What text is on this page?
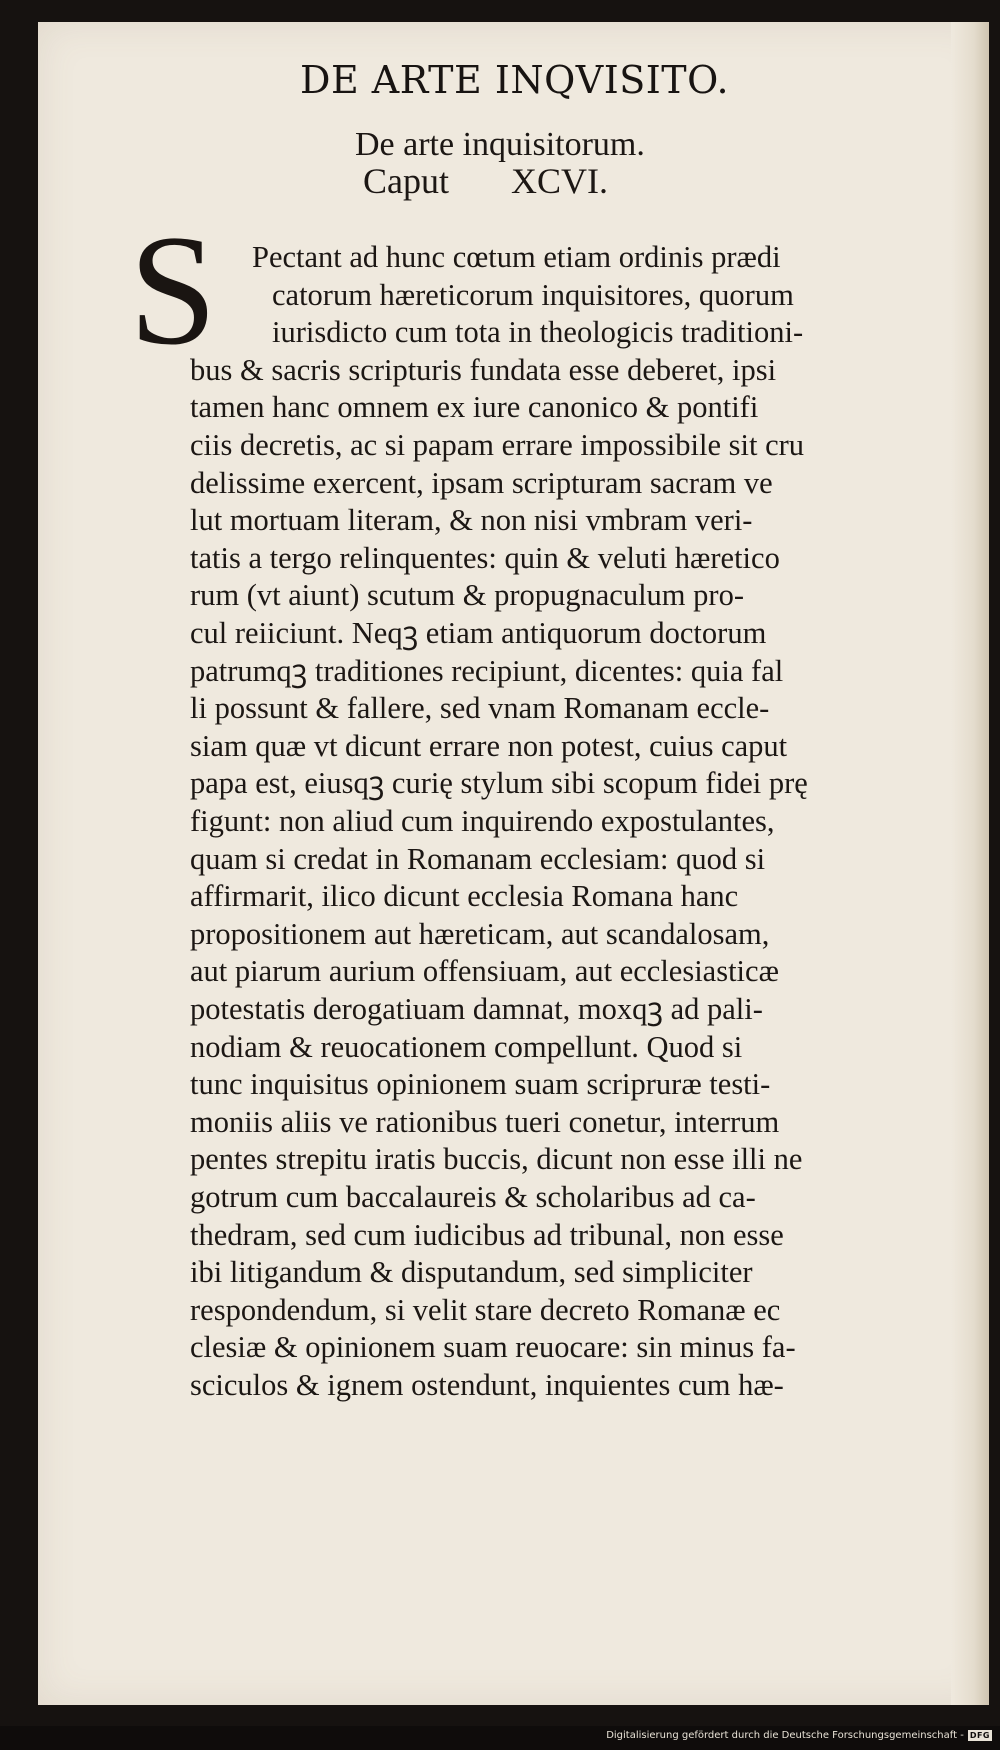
DE ARTE INQVISITO.
De arte inquisitorum.
Caput XCVI.
S Pectant ad hunc cœtum etiam ordinis prædi
catorum hæreticorum inquisitores, quorum
iurisdicto cum tota in theologicis traditioni-
bus & sacris scripturis fundata esse deberet, ipsi
tamen hanc omnem ex iure canonico & pontifi
ciis decretis, ac si papam errare impossibile sit cru
delissime exercent, ipsam scripturam sacram ve
lut mortuam literam, & non nisi vmbram veri-
tatis a tergo relinquentes: quin & veluti hæretico
rum (vt aiunt) scutum & propugnaculum pro-
cul reiiciunt. Neqꝫ etiam antiquorum doctorum
patrumqꝫ traditiones recipiunt, dicentes: quia fal
li possunt & fallere, sed vnam Romanam eccle-
siam quæ vt dicunt errare non potest, cuius caput
papa est, eiusqꝫ curię stylum sibi scopum fidei prę
figunt: non aliud cum inquirendo expostulantes,
quam si credat in Romanam ecclesiam: quod si
affirmarit, ilico dicunt ecclesia Romana hanc
propositionem aut hæreticam, aut scandalosam,
aut piarum aurium offensiuam, aut ecclesiasticæ
potestatis derogatiuam damnat, moxqꝫ ad pali-
nodiam & reuocationem compellunt. Quod si
tunc inquisitus opinionem suam scripruræ testi-
moniis aliis ve rationibus tueri conetur, interrum
pentes strepitu iratis buccis, dicunt non esse illi ne
gotrum cum baccalaureis & scholaribus ad ca-
thedram, sed cum iudicibus ad tribunal, non esse
ibi litigandum & disputandum, sed simpliciter
respondendum, si velit stare decreto Romanæ ec
clesiæ & opinionem suam reuocare: sin minus fa-
sciculos & ignem ostendunt, inquientes cum hæ-
Digitalisierung gefördert durch die Deutsche Forschungsgemeinschaft - DFG
